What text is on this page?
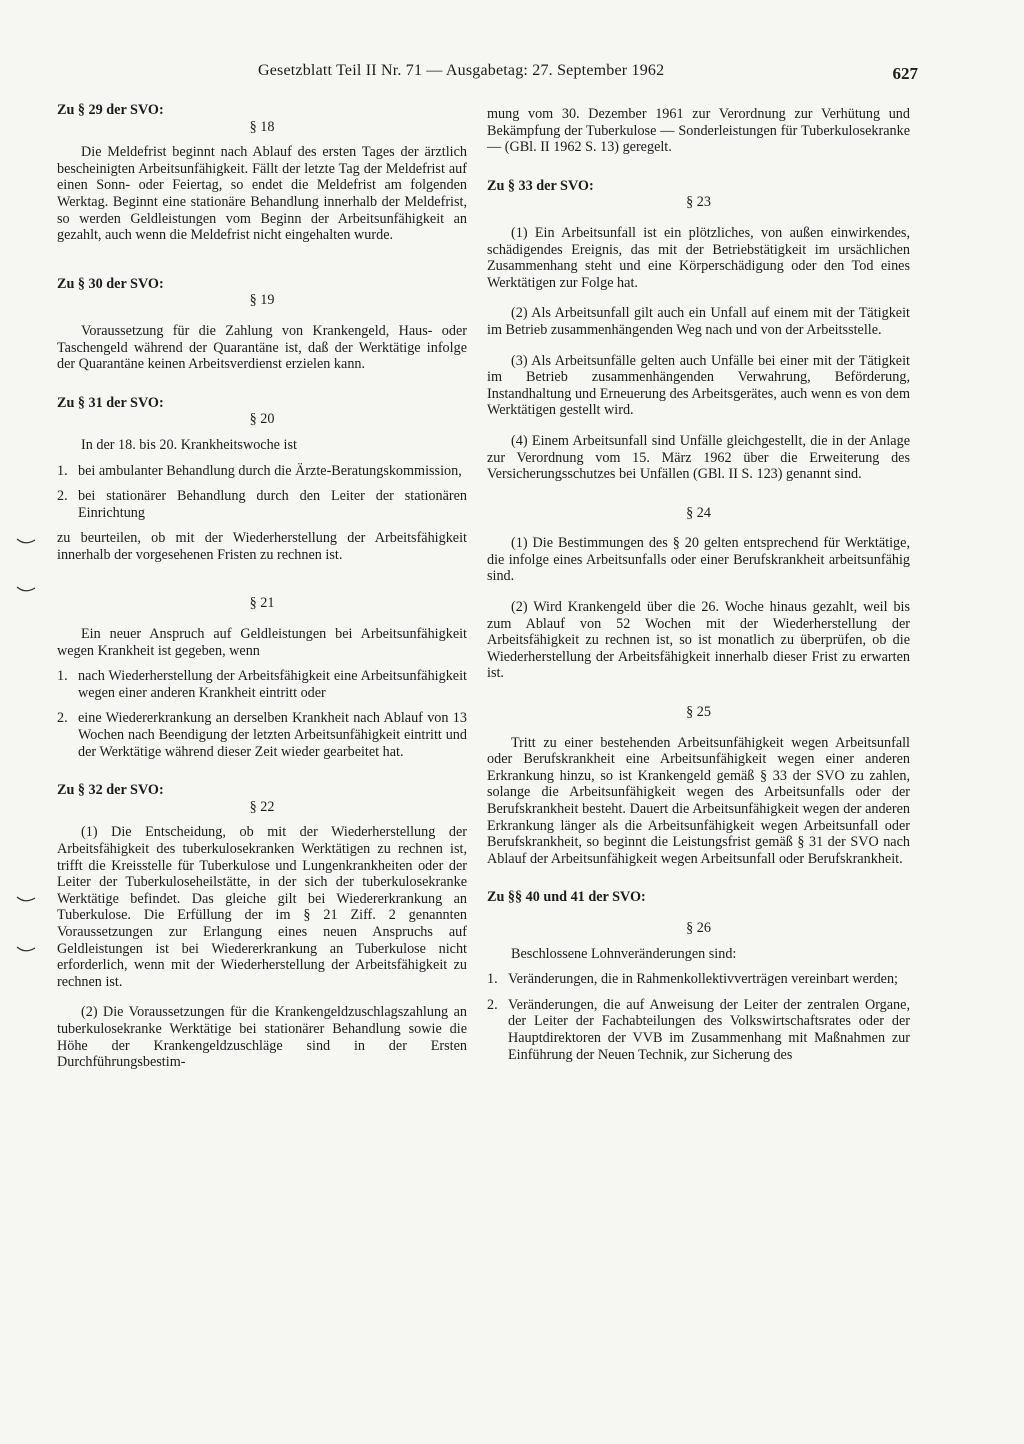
Gesetzblatt Teil II Nr. 71 — Ausgabetag: 27. September 1962	627
Zu § 29 der SVO:
§ 18
Die Meldefrist beginnt nach Ablauf des ersten Tages der ärztlich bescheinigten Arbeitsunfähigkeit. Fällt der letzte Tag der Meldefrist auf einen Sonn- oder Feiertag, so endet die Meldefrist am folgenden Werktag. Beginnt eine stationäre Behandlung innerhalb der Meldefrist, so werden Geldleistungen vom Beginn der Arbeitsunfähigkeit an gezahlt, auch wenn die Meldefrist nicht eingehalten wurde.
Zu § 30 der SVO:
§ 19
Voraussetzung für die Zahlung von Krankengeld, Haus- oder Taschengeld während der Quarantäne ist, daß der Werktätige infolge der Quarantäne keinen Arbeitsverdienst erzielen kann.
Zu § 31 der SVO:
§ 20
In der 18. bis 20. Krankheitswoche ist
1. bei ambulanter Behandlung durch die Ärzte-Beratungskommission,
2. bei stationärer Behandlung durch den Leiter der stationären Einrichtung
zu beurteilen, ob mit der Wiederherstellung der Arbeitsfähigkeit innerhalb der vorgesehenen Fristen zu rechnen ist.
§ 21
Ein neuer Anspruch auf Geldleistungen bei Arbeitsunfähigkeit wegen Krankheit ist gegeben, wenn
1. nach Wiederherstellung der Arbeitsfähigkeit eine Arbeitsunfähigkeit wegen einer anderen Krankheit eintritt oder
2. eine Wiedererkrankung an derselben Krankheit nach Ablauf von 13 Wochen nach Beendigung der letzten Arbeitsunfähigkeit eintritt und der Werktätige während dieser Zeit wieder gearbeitet hat.
Zu § 32 der SVO:
§ 22
(1) Die Entscheidung, ob mit der Wiederherstellung der Arbeitsfähigkeit des tuberkulosekranken Werktätigen zu rechnen ist, trifft die Kreisstelle für Tuberkulose und Lungenkrankheiten oder der Leiter der Tuberkuloseheilstätte, in der sich der tuberkulosekranke Werktätige befindet. Das gleiche gilt bei Wiedererkrankung an Tuberkulose. Die Erfüllung der im § 21 Ziff. 2 genannten Voraussetzungen zur Erlangung eines neuen Anspruchs auf Geldleistungen ist bei Wiedererkrankung an Tuberkulose nicht erforderlich, wenn mit der Wiederherstellung der Arbeitsfähigkeit zu rechnen ist.
(2) Die Voraussetzungen für die Krankengeldzuschlagszahlung an tuberkulosekranke Werktätige bei stationärer Behandlung sowie die Höhe der Krankengeldzuschläge sind in der Ersten Durchführungsbestim-
mung vom 30. Dezember 1961 zur Verordnung zur Verhütung und Bekämpfung der Tuberkulose — Sonderleistungen für Tuberkulosekranke — (GBl. II 1962 S. 13) geregelt.
Zu § 33 der SVO:
§ 23
(1) Ein Arbeitsunfall ist ein plötzliches, von außen einwirkendes, schädigendes Ereignis, das mit der Betriebstätigkeit im ursächlichen Zusammenhang steht und eine Körperschädigung oder den Tod eines Werktätigen zur Folge hat.
(2) Als Arbeitsunfall gilt auch ein Unfall auf einem mit der Tätigkeit im Betrieb zusammenhängenden Weg nach und von der Arbeitsstelle.
(3) Als Arbeitsunfälle gelten auch Unfälle bei einer mit der Tätigkeit im Betrieb zusammenhängenden Verwahrung, Beförderung, Instandhaltung und Erneuerung des Arbeitsgerätes, auch wenn es von dem Werktätigen gestellt wird.
(4) Einem Arbeitsunfall sind Unfälle gleichgestellt, die in der Anlage zur Verordnung vom 15. März 1962 über die Erweiterung des Versicherungsschutzes bei Unfällen (GBl. II S. 123) genannt sind.
§ 24
(1) Die Bestimmungen des § 20 gelten entsprechend für Werktätige, die infolge eines Arbeitsunfalls oder einer Berufskrankheit arbeitsunfähig sind.
(2) Wird Krankengeld über die 26. Woche hinaus gezahlt, weil bis zum Ablauf von 52 Wochen mit der Wiederherstellung der Arbeitsfähigkeit zu rechnen ist, so ist monatlich zu überprüfen, ob die Wiederherstellung der Arbeitsfähigkeit innerhalb dieser Frist zu erwarten ist.
§ 25
Tritt zu einer bestehenden Arbeitsunfähigkeit wegen Arbeitsunfall oder Berufskrankheit eine Arbeitsunfähigkeit wegen einer anderen Erkrankung hinzu, so ist Krankengeld gemäß § 33 der SVO zu zahlen, solange die Arbeitsunfähigkeit wegen des Arbeitsunfalls oder der Berufskrankheit besteht. Dauert die Arbeitsunfähigkeit wegen der anderen Erkrankung länger als die Arbeitsunfähigkeit wegen Arbeitsunfall oder Berufskrankheit, so beginnt die Leistungsfrist gemäß § 31 der SVO nach Ablauf der Arbeitsunfähigkeit wegen Arbeitsunfall oder Berufskrankheit.
Zu §§ 40 und 41 der SVO:
§ 26
Beschlossene Lohnveränderungen sind:
1. Veränderungen, die in Rahmenkollektivverträgen vereinbart werden;
2. Veränderungen, die auf Anweisung der Leiter der zentralen Organe, der Leiter der Fachabteilungen des Volkswirtschaftsrates oder der Hauptdirektoren der VVB im Zusammenhang mit Maßnahmen zur Einführung der Neuen Technik, zur Sicherung des
